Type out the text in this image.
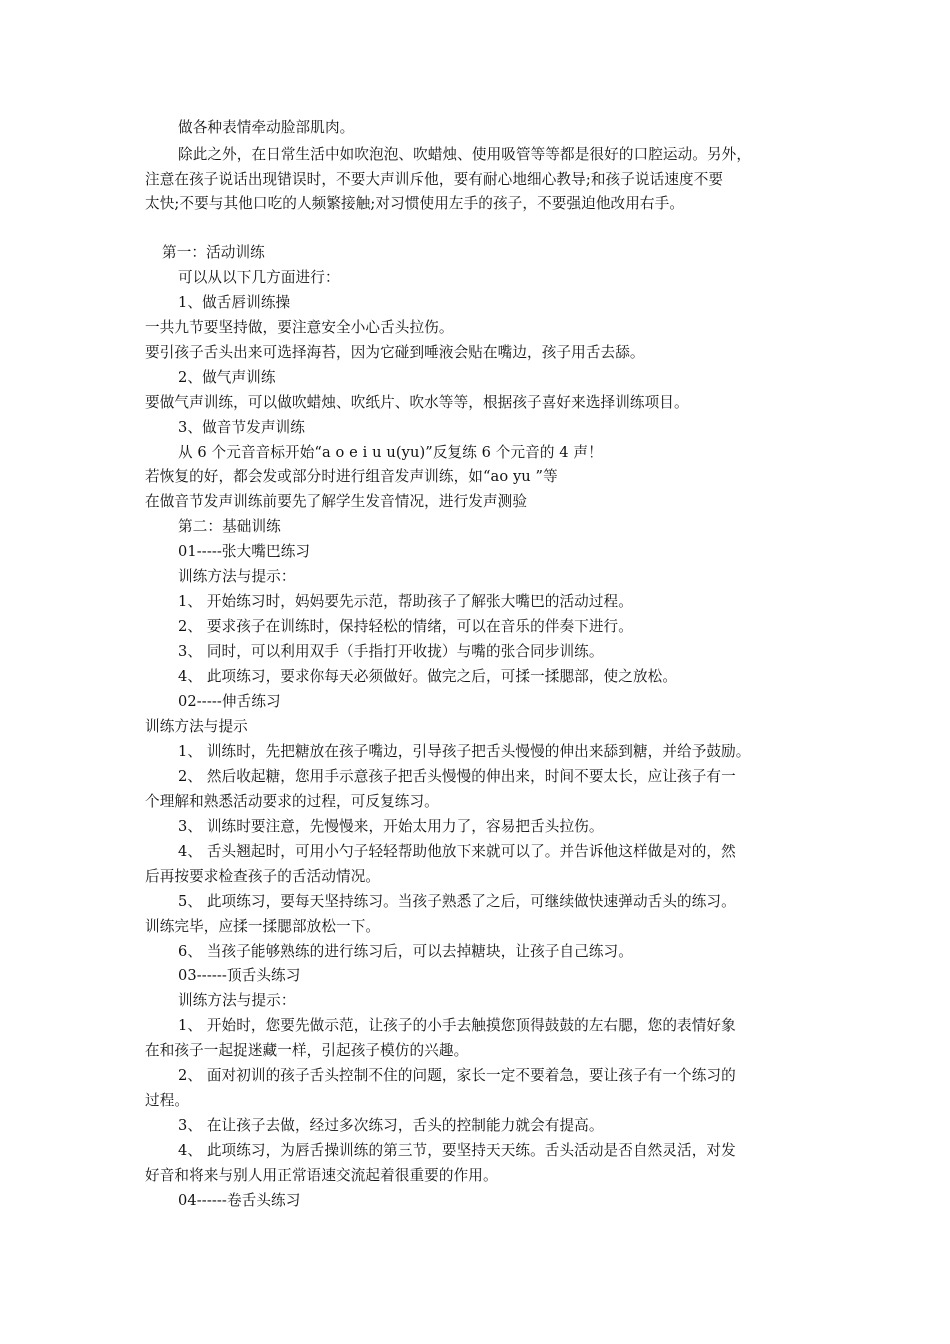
做各种表情牵动脸部肌肉。

除此之外，在日常生活中如吹泡泡、吹蜡烛、使用吸管等等都是很好的口腔运动。另外，

注意在孩子说话出现错误时，不要大声训斥他，要有耐心地细心教导;和孩子说话速度不要

太快;不要与其他口吃的人频繁接触;对习惯使用左手的孩子，不要强迫他改用右手。

第一：活动训练

可以从以下几方面进行：

1、做舌唇训练操

一共九节要坚持做，要注意安全小心舌头拉伤。

要引孩子舌头出来可选择海苔，因为它碰到唾液会贴在嘴边，孩子用舌去舔。

2、做气声训练

要做气声训练，可以做吹蜡烛、吹纸片、吹水等等，根据孩子喜好来选择训练项目。

3、做音节发声训练

从 6 个元音音标开始“a o e i u u(yu)”反复练 6 个元音的 4 声！

若恢复的好，都会发或部分时进行组音发声训练，如“ao yu ”等

在做音节发声训练前要先了解学生发音情况，进行发声测验

第二：基础训练

01-----张大嘴巴练习

训练方法与提示：

1、 开始练习时，妈妈要先示范，帮助孩子了解张大嘴巴的活动过程。

2、 要求孩子在训练时，保持轻松的情绪，可以在音乐的伴奏下进行。

3、 同时，可以利用双手（手指打开收拢）与嘴的张合同步训练。

4、 此项练习，要求你每天必须做好。做完之后，可揉一揉腮部，使之放松。

02-----伸舌练习

训练方法与提示

1、 训练时，先把糖放在孩子嘴边，引导孩子把舌头慢慢的伸出来舔到糖，并给予鼓励。

2、 然后收起糖，您用手示意孩子把舌头慢慢的伸出来，时间不要太长，应让孩子有一

个理解和熟悉活动要求的过程，可反复练习。

3、 训练时要注意，先慢慢来，开始太用力了，容易把舌头拉伤。

4、 舌头翘起时，可用小勺子轻轻帮助他放下来就可以了。并告诉他这样做是对的，然

后再按要求检查孩子的舌活动情况。

5、 此项练习，要每天坚持练习。当孩子熟悉了之后，可继续做快速弹动舌头的练习。

训练完毕，应揉一揉腮部放松一下。

6、 当孩子能够熟练的进行练习后，可以去掉糖块，让孩子自己练习。

03------顶舌头练习

训练方法与提示：

1、 开始时，您要先做示范，让孩子的小手去触摸您顶得鼓鼓的左右腮，您的表情好象

在和孩子一起捉迷藏一样，引起孩子模仿的兴趣。

2、 面对初训的孩子舌头控制不住的问题，家长一定不要着急，要让孩子有一个练习的

过程。

3、 在让孩子去做，经过多次练习，舌头的控制能力就会有提高。

4、 此项练习，为唇舌操训练的第三节，要坚持天天练。舌头活动是否自然灵活，对发

好音和将来与别人用正常语速交流起着很重要的作用。

04------卷舌头练习
